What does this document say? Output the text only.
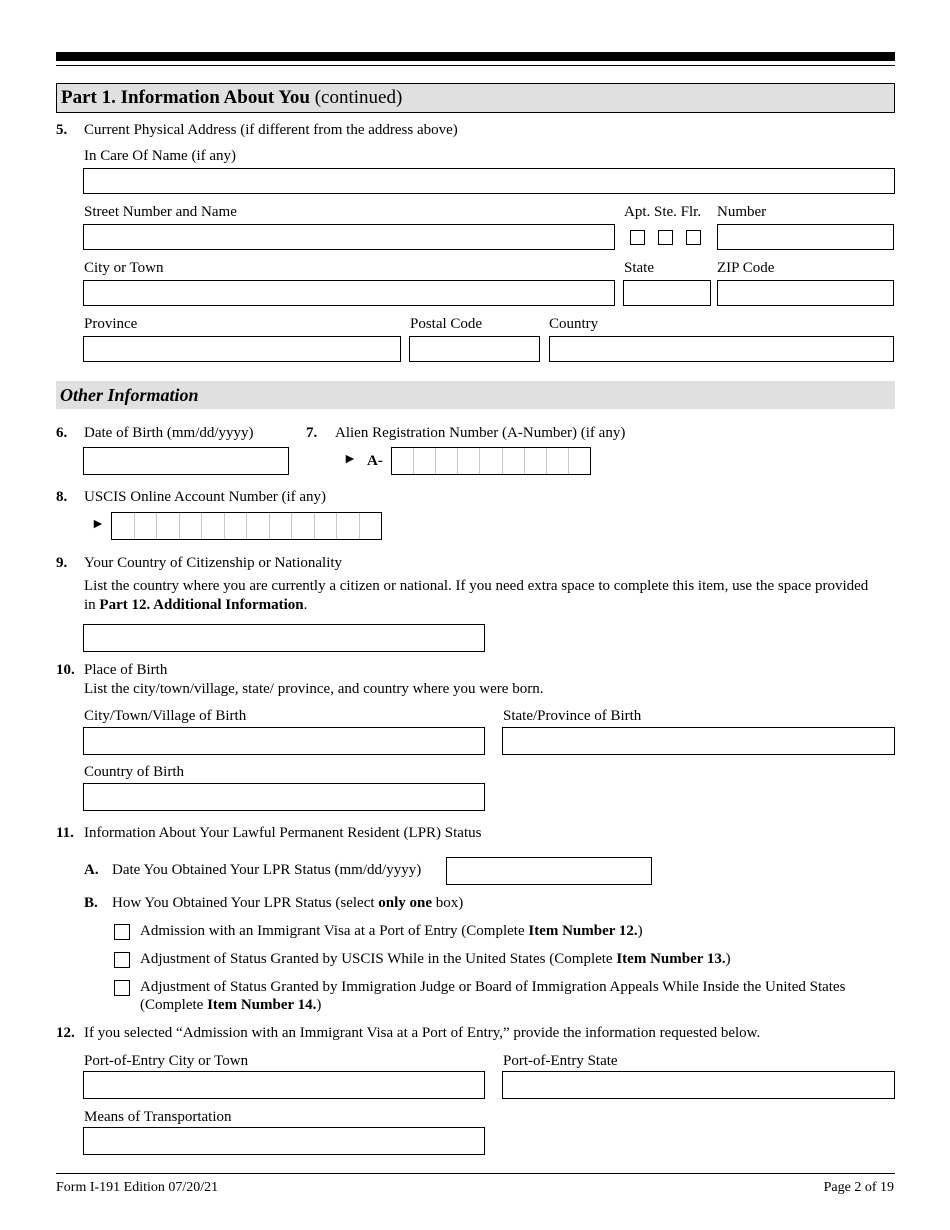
Part 1. Information About You (continued)
5. Current Physical Address (if different from the address above)
In Care Of Name (if any)
Street Number and Name	Apt. Ste. Flr. Number
City or Town	State	ZIP Code
Province	Postal Code	Country
Other Information
6. Date of Birth (mm/dd/yyyy)	7. Alien Registration Number (A-Number) (if any)
► A-
8. USCIS Online Account Number (if any)
►
9. Your Country of Citizenship or Nationality
List the country where you are currently a citizen or national. If you need extra space to complete this item, use the space provided in Part 12. Additional Information.
10. Place of Birth
List the city/town/village, state/ province, and country where you were born.
City/Town/Village of Birth	State/Province of Birth
Country of Birth
11. Information About Your Lawful Permanent Resident (LPR) Status
A. Date You Obtained Your LPR Status (mm/dd/yyyy)
B. How You Obtained Your LPR Status (select only one box)
Admission with an Immigrant Visa at a Port of Entry (Complete Item Number 12.)
Adjustment of Status Granted by USCIS While in the United States (Complete Item Number 13.)
Adjustment of Status Granted by Immigration Judge or Board of Immigration Appeals While Inside the United States
(Complete Item Number 14.)
12. If you selected “Admission with an Immigrant Visa at a Port of Entry,” provide the information requested below.
Port-of-Entry City or Town	Port-of-Entry State
Means of Transportation
Form I-191 Edition 07/20/21	Page 2 of 19
